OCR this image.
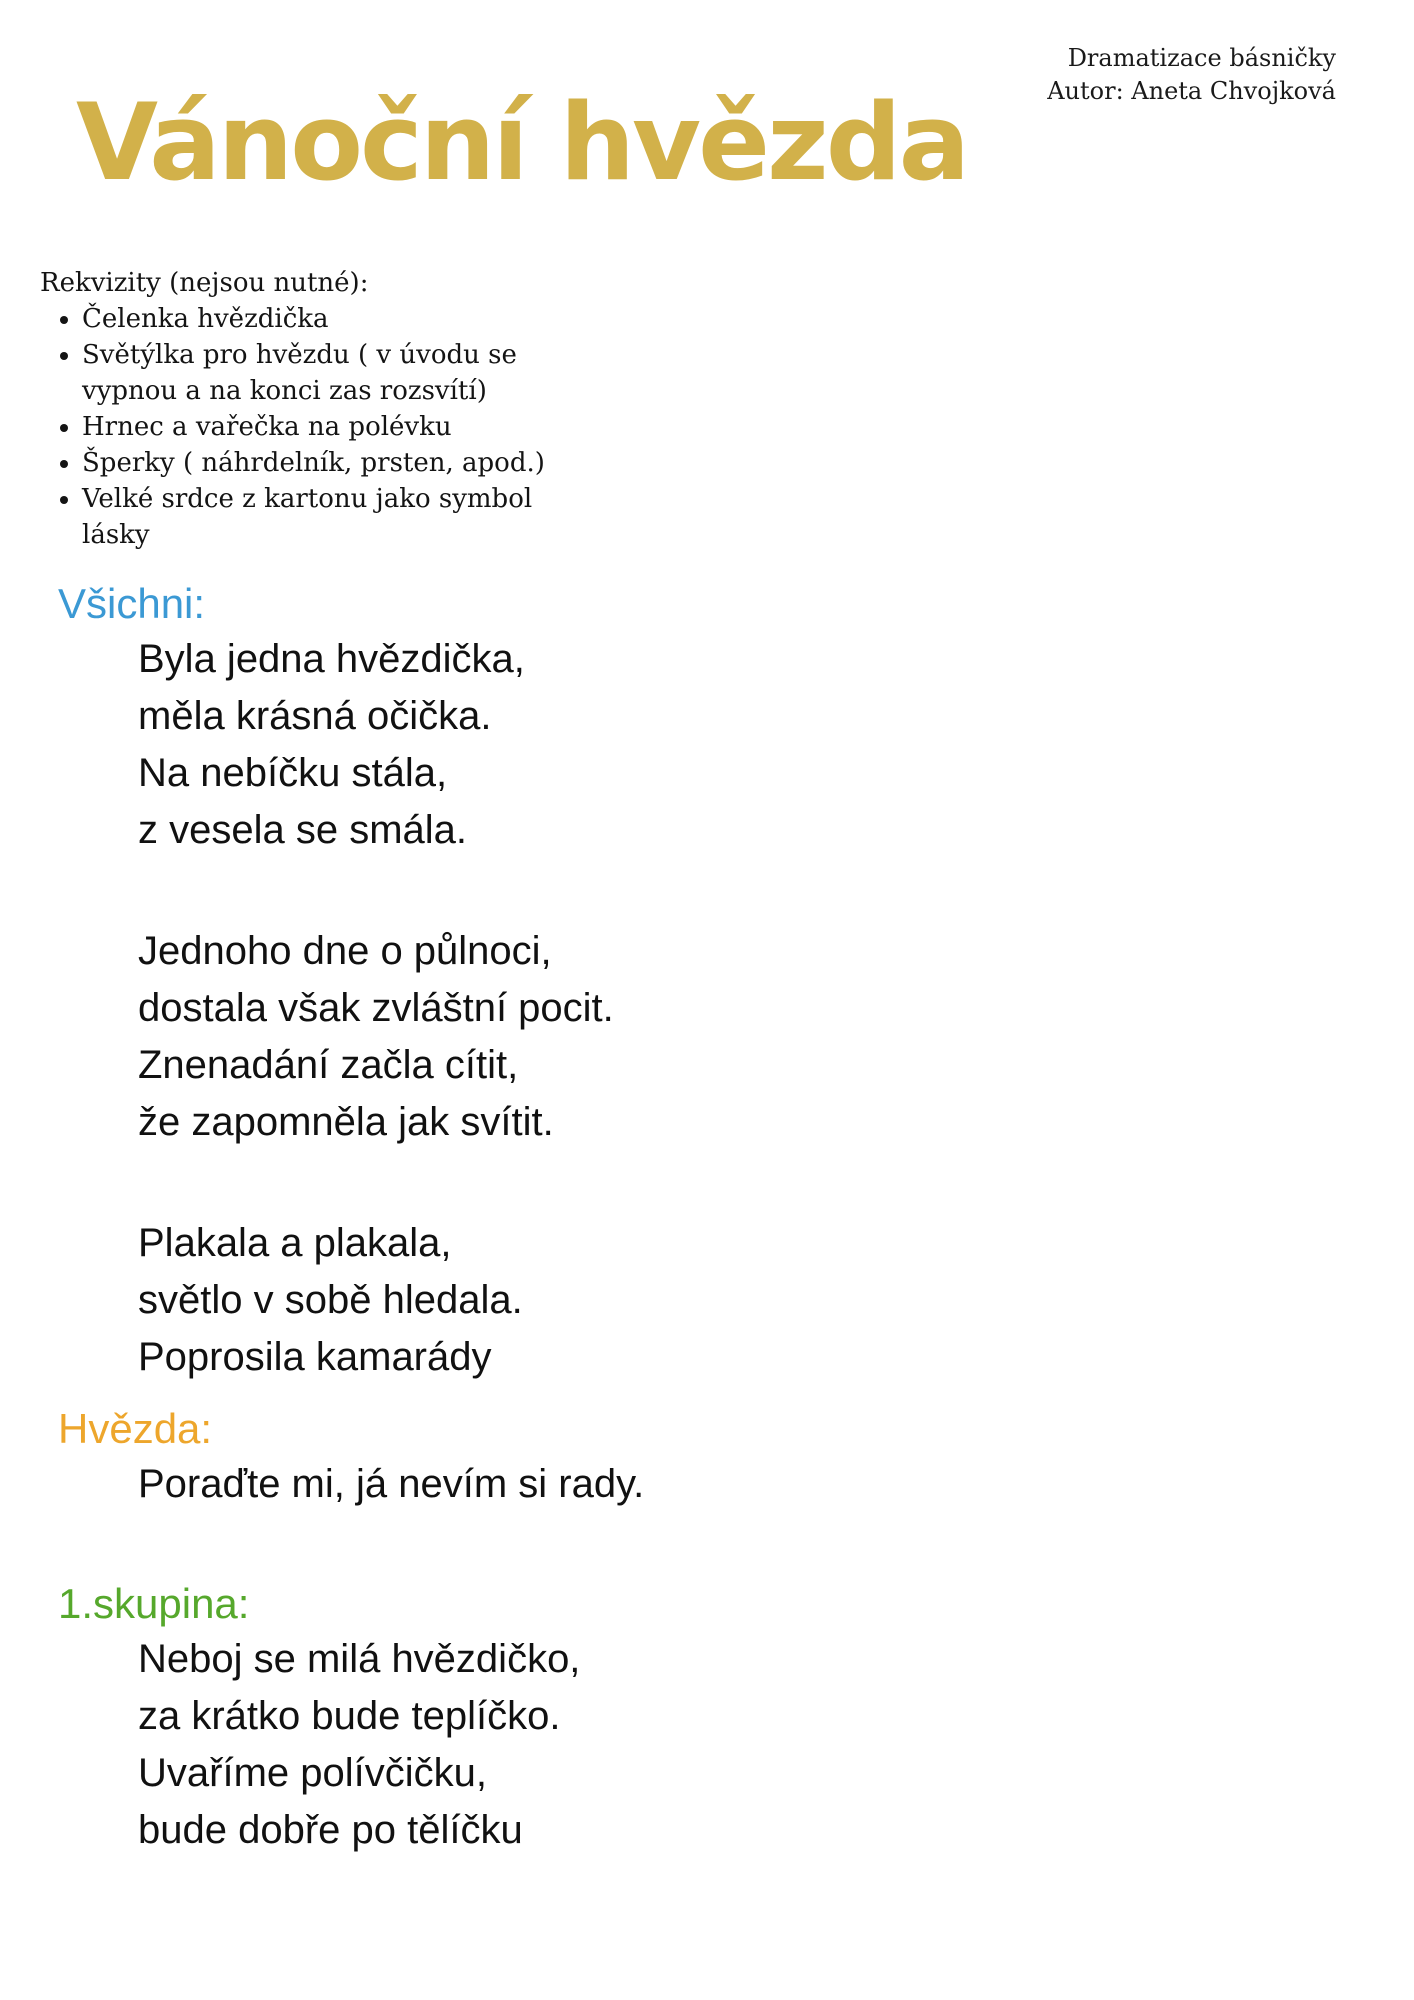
Dramatizace básničky
Autor: Aneta Chvojková
Vánoční hvězda
Rekvizity (nejsou nutné):
• Čelenka hvězdička
• Světýlka pro hvězdu ( v úvodu se vypnou a na konci zas rozsvítí)
• Hrnec a vařečka na polévku
• Šperky ( náhrdelník, prsten, apod.)
• Velké srdce z kartonu jako symbol lásky
Všichni:
Byla jedna hvězdička,
měla krásná očička.
Na nebíčku stála,
z vesela se smála.
Jednoho dne o půlnoci,
dostala však zvláštní pocit.
Znenadání začla cítit,
že zapomněla jak svítit.
Plakala a plakala,
světlo v sobě hledala.
Poprosila kamarády
Hvězda:
Poraďte mi, já nevím si rady.
1.skupina:
Neboj se milá hvězdičko,
za krátko bude teplíčko.
Uvaříme polívčičku,
bude dobře po tělíčku
